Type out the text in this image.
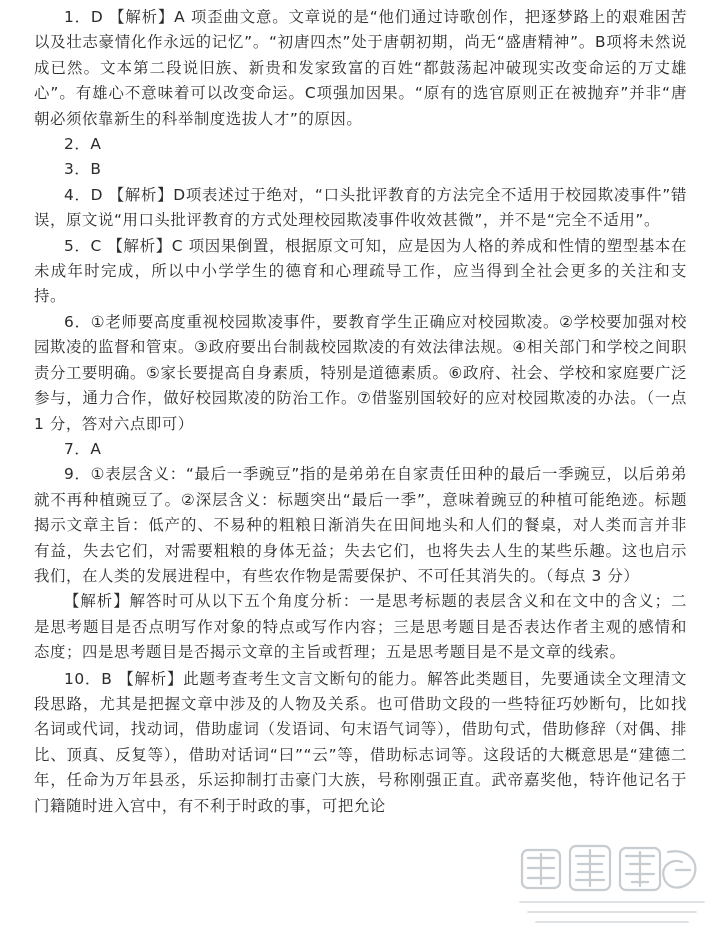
1．D 【解析】A 项歪曲文意。文章说的是“他们通过诗歌创作，把逐梦路上的艰难困苦以及壮志豪情化作永远的记忆”。“初唐四杰”处于唐朝初期，尚无“盛唐精神”。B项将未然说成已然。文本第二段说旧族、新贵和发家致富的百姓“都鼓荡起冲破现实改变命运的万丈雄心”。有雄心不意味着可以改变命运。C项强加因果。“原有的选官原则正在被抛弃”并非“唐朝必须依靠新生的科举制度选拔人才”的原因。

2．A

3．B

4．D 【解析】D项表述过于绝对，“口头批评教育的方法完全不适用于校园欺凌事件”错误，原文说“用口头批评教育的方式处理校园欺凌事件收效甚微”，并不是“完全不适用”。

5．C 【解析】C 项因果倒置，根据原文可知，应是因为人格的养成和性情的塑型基本在未成年时完成，所以中小学学生的德育和心理疏导工作，应当得到全社会更多的关注和支持。

6．①老师要高度重视校园欺凌事件，要教育学生正确应对校园欺凌。②学校要加强对校园欺凌的监督和管束。③政府要出台制裁校园欺凌的有效法律法规。④相关部门和学校之间职责分工要明确。⑤家长要提高自身素质，特别是道德素质。⑥政府、社会、学校和家庭要广泛参与，通力合作，做好校园欺凌的防治工作。⑦借鉴别国较好的应对校园欺凌的办法。（一点 1 分，答对六点即可）

7．A

9．①表层含义：“最后一季豌豆”指的是弟弟在自家责任田种的最后一季豌豆，以后弟弟就不再种植豌豆了。②深层含义：标题突出“最后一季”，意味着豌豆的种植可能绝迹。标题揭示文章主旨：低产的、不易种的粗粮日渐消失在田间地头和人们的餐桌，对人类而言并非有益，失去它们，对需要粗粮的身体无益；失去它们，也将失去人生的某些乐趣。这也启示我们，在人类的发展进程中，有些农作物是需要保护、不可任其消失的。（每点 3 分）

【解析】解答时可从以下五个角度分析：一是思考标题的表层含义和在文中的含义；二是思考题目是否点明写作对象的特点或写作内容；三是思考题目是否表达作者主观的感情和态度；四是思考题目是否揭示文章的主旨或哲理；五是思考题目是不是文章的线索。

10．B 【解析】此题考查考生文言文断句的能力。解答此类题目，先要通读全文理清文段思路，尤其是把握文章中涉及的人物及关系。也可借助文段的一些特征巧妙断句，比如找名词或代词，找动词，借助虚词（发语词、句末语气词等），借助句式，借助修辞（对偶、排比、顶真、反复等），借助对话词“曰”“云”等，借助标志词等。这段话的大概意思是“建德二年，任命为万年县丞，乐运抑制打击豪门大族，号称刚强正直。武帝嘉奖他，特许他记名于门籍随时进入宫中，有不利于时政的事，可把允论
